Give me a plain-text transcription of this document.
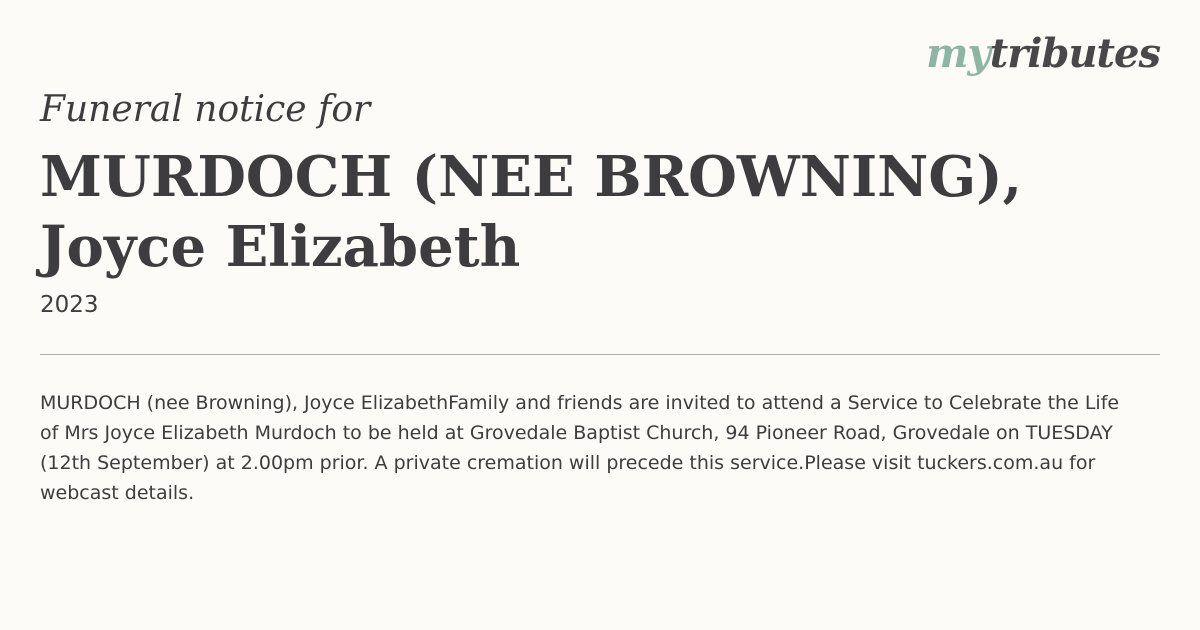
mytributes
Funeral notice for
MURDOCH (NEE BROWNING),
Joyce Elizabeth
2023

MURDOCH (nee Browning), Joyce ElizabethFamily and friends are invited to attend a Service to Celebrate the Life of Mrs Joyce Elizabeth Murdoch to be held at Grovedale Baptist Church, 94 Pioneer Road, Grovedale on TUESDAY (12th September) at 2.00pm prior. A private cremation will precede this service.Please visit tuckers.com.au for webcast details.
